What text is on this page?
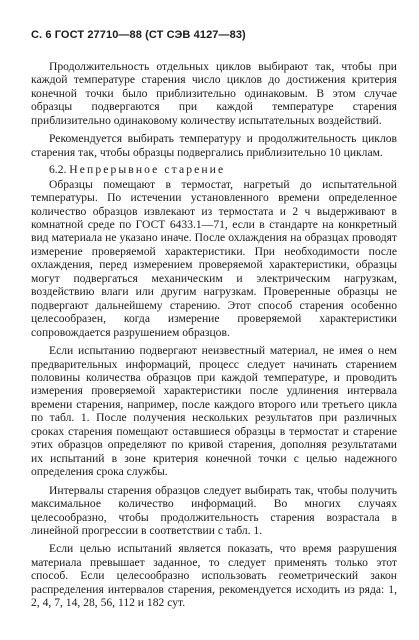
С. 6 ГОСТ 27710—88 (СТ СЭВ 4127—83)

Продолжительность отдельных циклов выбирают так, чтобы при каждой температуре старения число циклов до достижения критерия конечной точки было приблизительно одинаковым. В этом случае образцы подвергаются при каждой температуре старения приблизительно одинаковому количеству испытательных воздействий.

Рекомендуется выбирать температуру и продолжительность циклов старения так, чтобы образцы подвергались приблизительно 10 циклам.

6.2. Непрерывное старение

Образцы помещают в термостат, нагретый до испытательной температуры. По истечении установленного времени определенное количество образцов извлекают из термостата и 2 ч выдерживают в комнатной среде по ГОСТ 6433.1—71, если в стандарте на конкретный вид материала не указано иначе. После охлаждения на образцах проводят измерение проверяемой характеристики. При необходимости после охлаждения, перед измерением проверяемой характеристики, образцы могут подвергаться механическим и электрическим нагрузкам, воздействию влаги или другим нагрузкам. Проверенные образцы не подвергают дальнейшему старению. Этот способ старения особенно целесообразен, когда измерение проверяемой характеристики сопровождается разрушением образцов.

Если испытанию подвергают неизвестный материал, не имея о нем предварительных информаций, процесс следует начинать старением половины количества образцов при каждой температуре, и проводить измерения проверяемой характеристики после удлинения интервала времени старения, например, после каждого второго или третьего цикла по табл. 1. После получения нескольких результатов при различных сроках старения помещают оставшиеся образцы в термостат и старение этих образцов определяют по кривой старения, дополняя результатами их испытаний в зоне критерия конечной точки с целью надежного определения срока службы.

Интервалы старения образцов следует выбирать так, чтобы получить максимальное количество информаций. Во многих случаях целесообразно, чтобы продолжительность старения возрастала в линейной прогрессии в соответствии с табл. 1.

Если целью испытаний является показать, что время разрушения материала превышает заданное, то следует применять только этот способ. Если целесообразно использовать геометрический закон распределения интервалов старения, рекомендуется исходить из ряда: 1, 2, 4, 7, 14, 28, 56, 112 и 182 сут.
